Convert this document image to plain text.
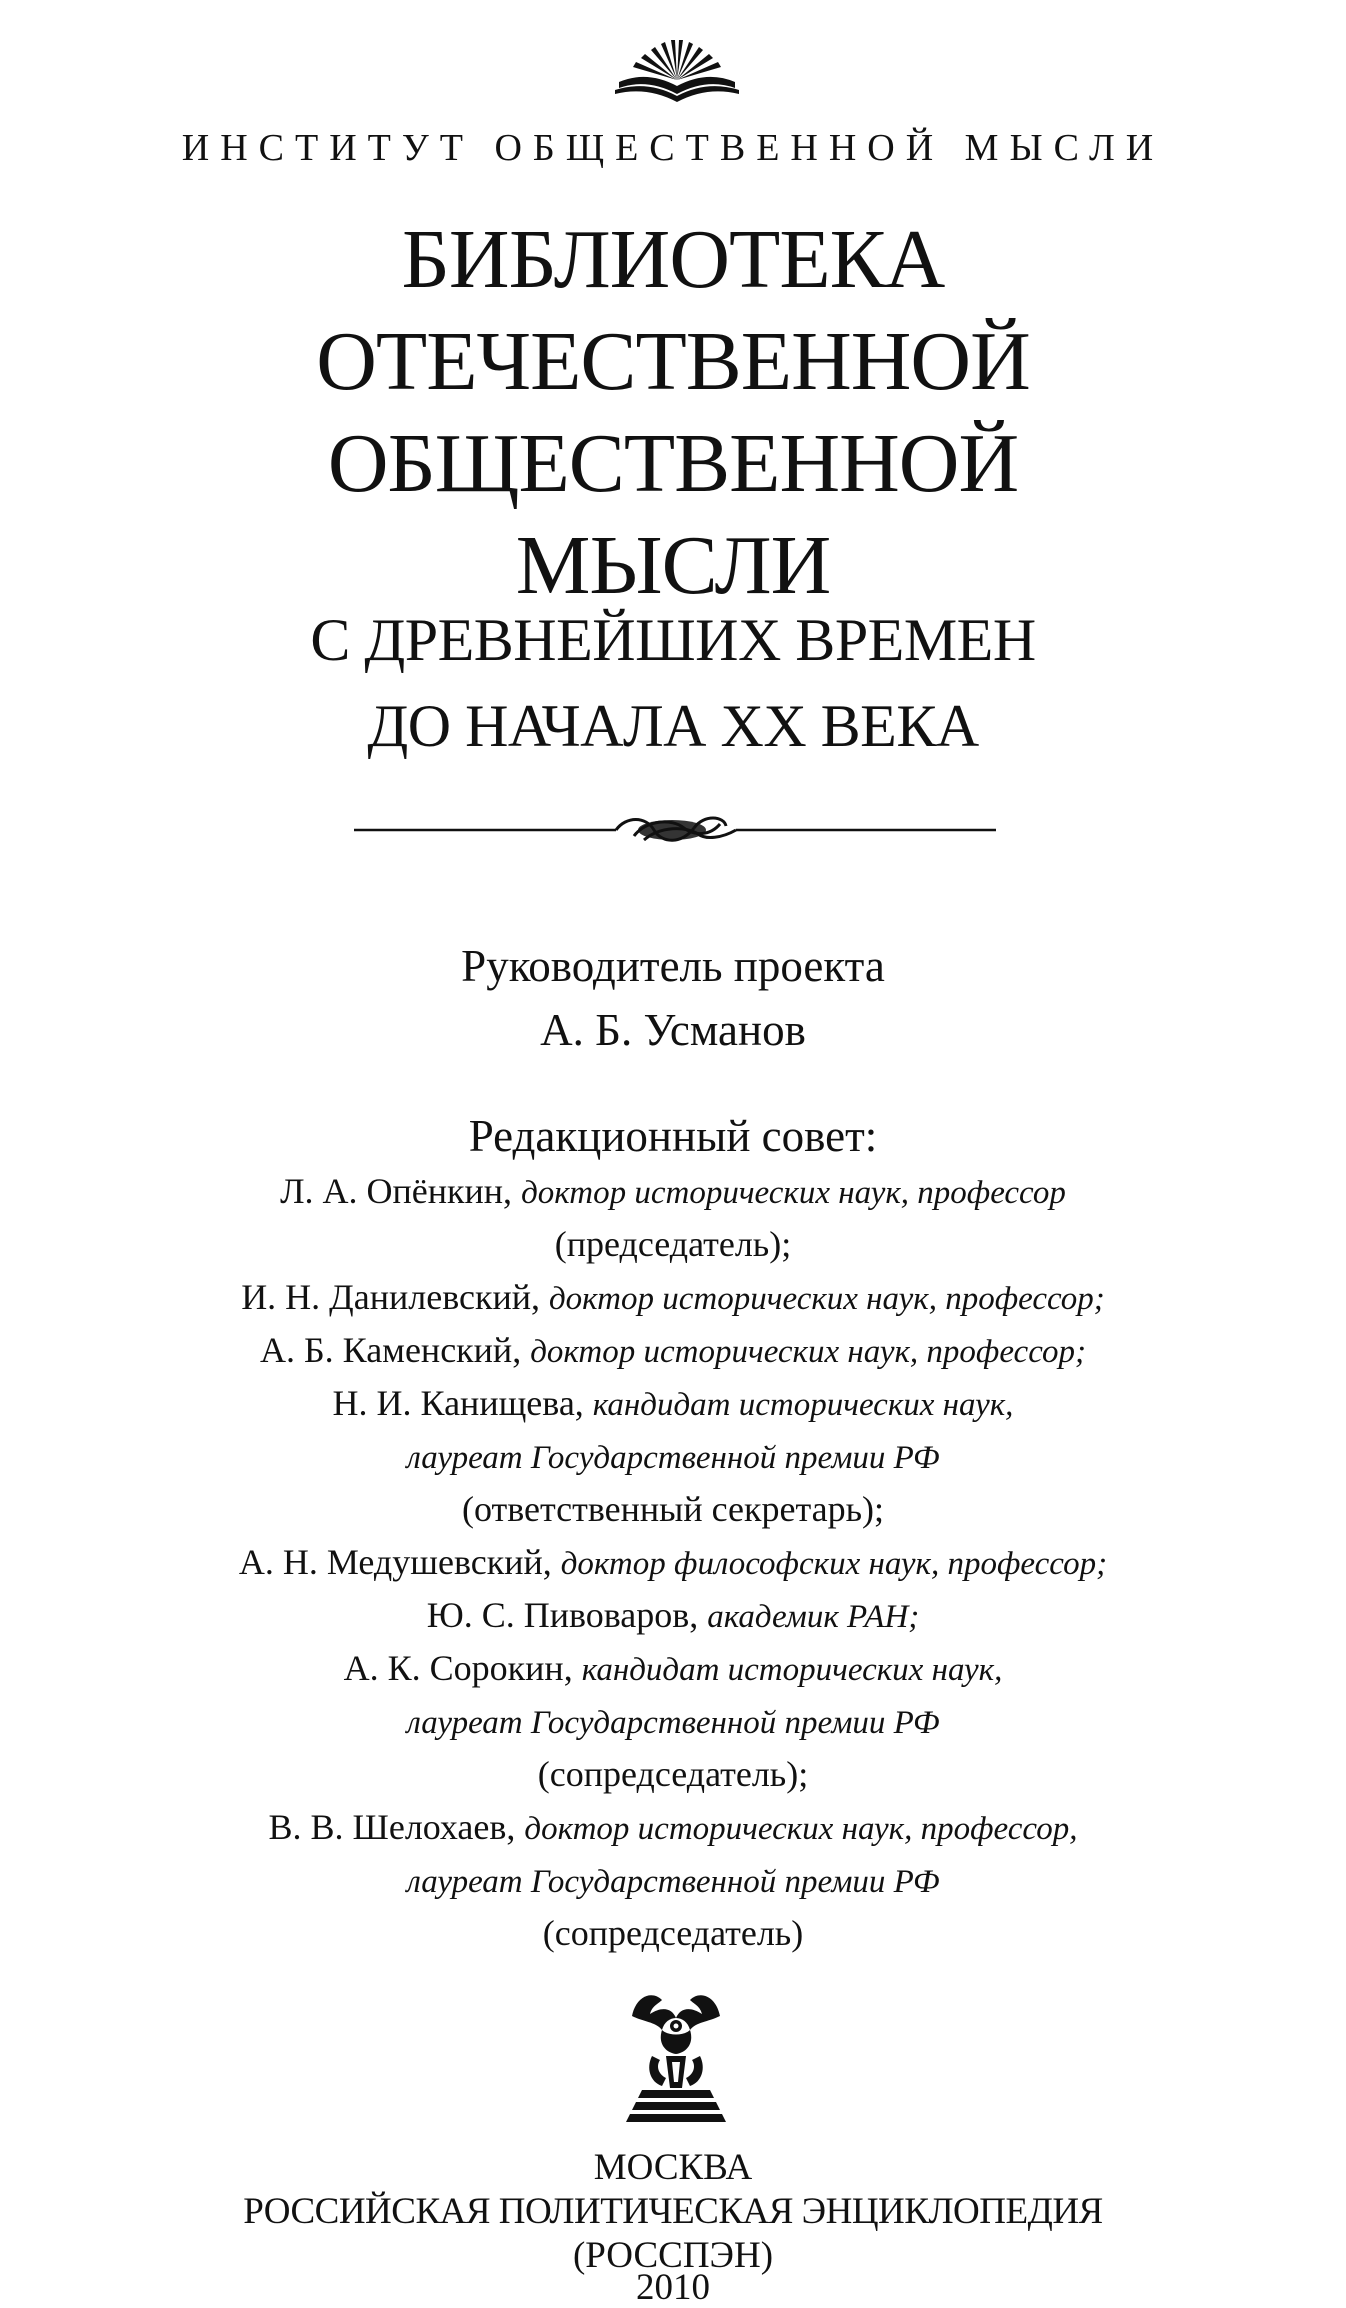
ИНСТИТУТ ОБЩЕСТВЕННОЙ МЫСЛИ
БИБЛИОТЕКА
ОТЕЧЕСТВЕННОЙ
ОБЩЕСТВЕННОЙ
МЫСЛИ
С ДРЕВНЕЙШИХ ВРЕМЕН
ДО НАЧАЛА XX ВЕКА
Руководитель проекта
А. Б. Усманов
Редакционный совет:
Л. А. Опёнкин, доктор исторических наук, профессор
(председатель);
И. Н. Данилевский, доктор исторических наук, профессор;
А. Б. Каменский, доктор исторических наук, профессор;
Н. И. Канищева, кандидат исторических наук,
лауреат Государственной премии РФ
(ответственный секретарь);
А. Н. Медушевский, доктор философских наук, профессор;
Ю. С. Пивоваров, академик РАН;
А. К. Сорокин, кандидат исторических наук,
лауреат Государственной премии РФ
(сопредседатель);
В. В. Шелохаев, доктор исторических наук, профессор,
лауреат Государственной премии РФ
(сопредседатель)
МОСКВА
РОССИЙСКАЯ ПОЛИТИЧЕСКАЯ ЭНЦИКЛОПЕДИЯ
(РОССПЭН)
2010
